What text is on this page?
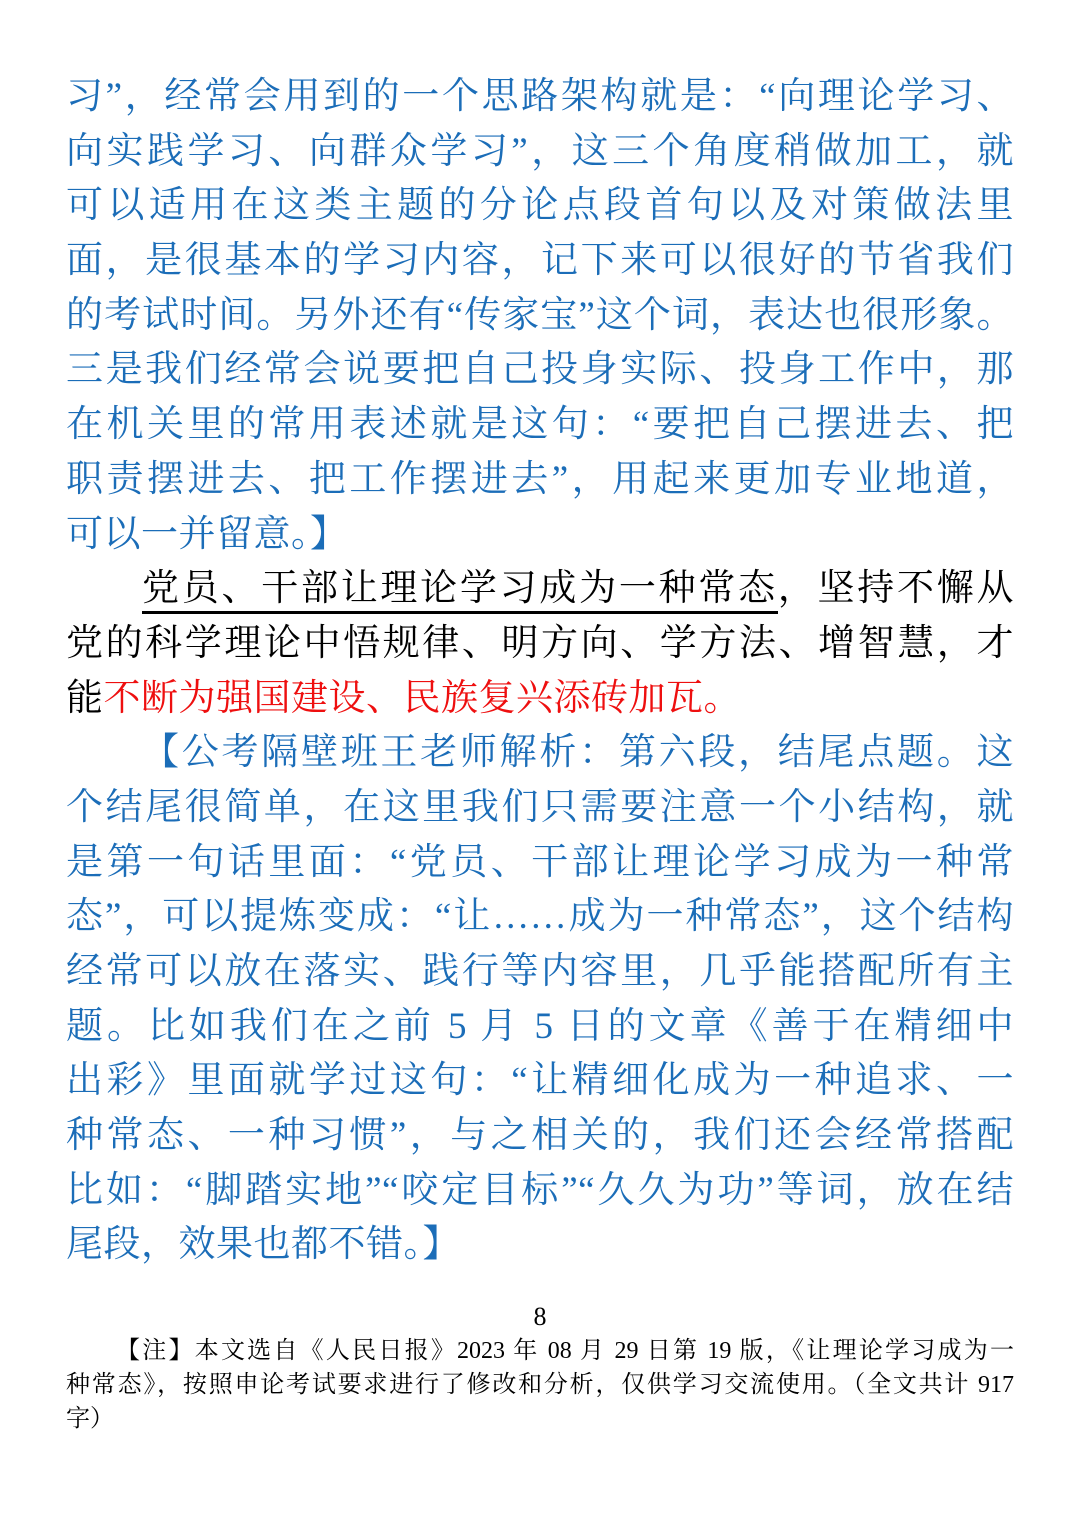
习”，经常会用到的一个思路架构就是：“向理论学习、
向实践学习、向群众学习”，这三个角度稍做加工，就
可以适用在这类主题的分论点段首句以及对策做法里
面，是很基本的学习内容，记下来可以很好的节省我们
的考试时间。另外还有“传家宝”这个词，表达也很形象。
三是我们经常会说要把自己投身实际、投身工作中，那
在机关里的常用表述就是这句：“要把自己摆进去、把
职责摆进去、把工作摆进去”，用起来更加专业地道，
可以一并留意。】
党员、干部让理论学习成为一种常态，坚持不懈从
党的科学理论中悟规律、明方向、学方法、增智慧，才
能不断为强国建设、民族复兴添砖加瓦。
【公考隔壁班王老师解析：第六段，结尾点题。这
个结尾很简单，在这里我们只需要注意一个小结构，就
是第一句话里面：“党员、干部让理论学习成为一种常
态”，可以提炼变成：“让……成为一种常态”，这个结构
经常可以放在落实、践行等内容里，几乎能搭配所有主
题。比如我们在之前 5 月 5 日的文章《善于在精细中
出彩》里面就学过这句：“让精细化成为一种追求、一
种常态、一种习惯”，与之相关的，我们还会经常搭配
比如：“脚踏实地”“咬定目标”“久久为功”等词，放在结
尾段，效果也都不错。】
8
【注】本文选自《人民日报》2023 年 08 月 29 日第 19 版，《让理论学习成为一
种常态》，按照申论考试要求进行了修改和分析，仅供学习交流使用。（全文共计 917
字）
